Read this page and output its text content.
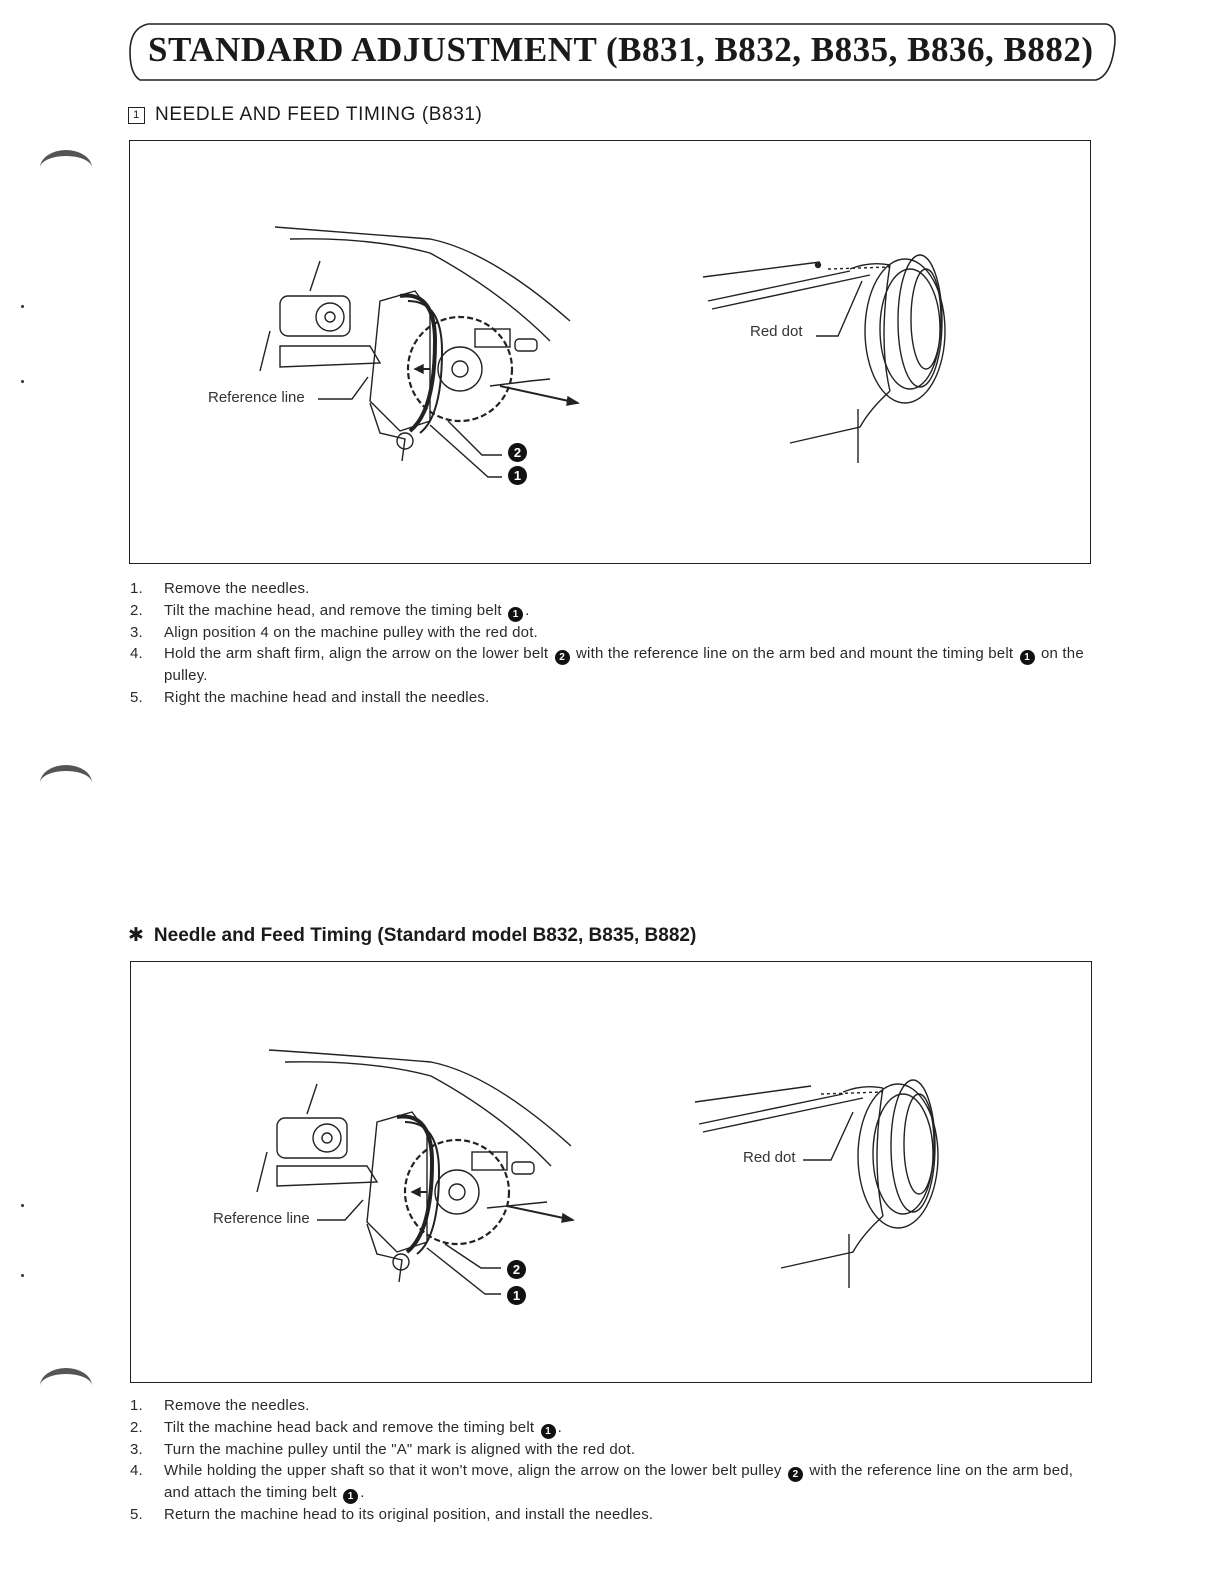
STANDARD ADJUSTMENT (B831, B832, B835, B836, B882)
1 NEEDLE AND FEED TIMING (B831)
Reference line
Red dot
2
1
1. Remove the needles.
2. Tilt the machine head, and remove the timing belt 1 .
3. Align position 4 on the machine pulley with the red dot.
4. Hold the arm shaft firm, align the arrow on the lower belt 2 with the reference line on the arm bed and mount the timing belt 1 on the pulley.
5. Right the machine head and install the needles.
✱ Needle and Feed Timing (Standard model B832, B835, B882)
Reference line
Red dot
2
1
1. Remove the needles.
2. Tilt the machine head back and remove the timing belt 1 .
3. Turn the machine pulley until the "A" mark is aligned with the red dot.
4. While holding the upper shaft so that it won't move, align the arrow on the lower belt pulley 2 with the reference line on the arm bed, and attach the timing belt 1 .
5. Return the machine head to its original position, and install the needles.
